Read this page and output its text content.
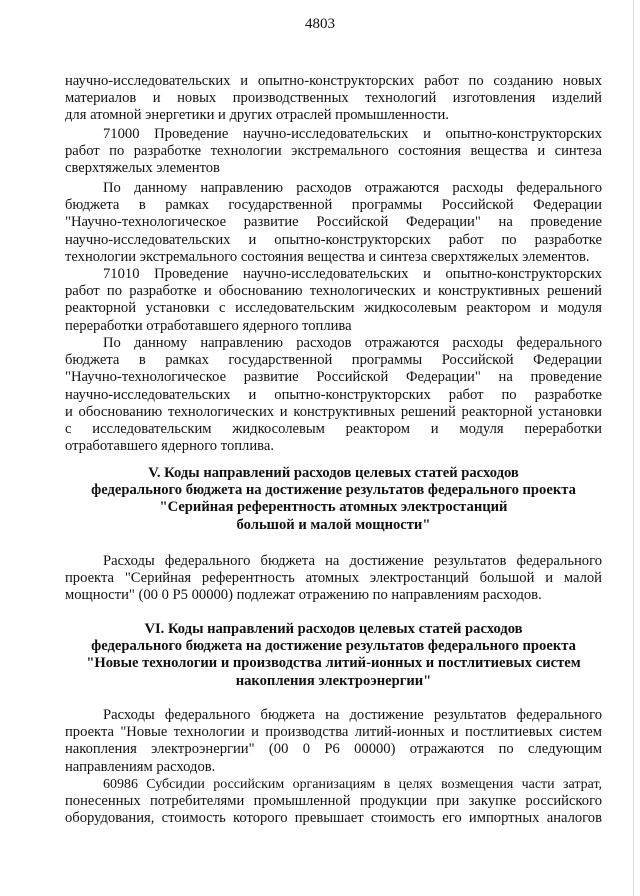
4803
научно-исследовательских и опытно-конструкторских работ по созданию новых
материалов и новых производственных технологий изготовления изделий
для атомной энергетики и других отраслей промышленности.
71000 Проведение научно-исследовательских и опытно-конструкторских
работ по разработке технологии экстремального состояния вещества и синтеза
сверхтяжелых элементов
По данному направлению расходов отражаются расходы федерального
бюджета в рамках государственной программы Российской Федерации
"Научно-технологическое развитие Российской Федерации" на проведение
научно-исследовательских и опытно-конструкторских работ по разработке
технологии экстремального состояния вещества и синтеза сверхтяжелых элементов.
71010 Проведение научно-исследовательских и опытно-конструкторских
работ по разработке и обоснованию технологических и конструктивных решений
реакторной установки с исследовательским жидкосолевым реактором и модуля
переработки отработавшего ядерного топлива
По данному направлению расходов отражаются расходы федерального
бюджета в рамках государственной программы Российской Федерации
"Научно-технологическое развитие Российской Федерации" на проведение
научно-исследовательских и опытно-конструкторских работ по разработке
и обоснованию технологических и конструктивных решений реакторной установки
с исследовательским жидкосолевым реактором и модуля переработки
отработавшего ядерного топлива.
V. Коды направлений расходов целевых статей расходов
федерального бюджета на достижение результатов федерального проекта
"Серийная референтность атомных электростанций
большой и малой мощности"
Расходы федерального бюджета на достижение результатов федерального
проекта "Серийная референтность атомных электростанций большой и малой
мощности" (00 0 Р5 00000) подлежат отражению по направлениям расходов.
VI. Коды направлений расходов целевых статей расходов
федерального бюджета на достижение результатов федерального проекта
"Новые технологии и производства литий-ионных и постлитиевых систем
накопления электроэнергии"
Расходы федерального бюджета на достижение результатов федерального
проекта "Новые технологии и производства литий-ионных и постлитиевых систем
накопления электроэнергии" (00 0 Р6 00000) отражаются по следующим
направлениям расходов.
60986 Субсидии российским организациям в целях возмещения части затрат,
понесенных потребителями промышленной продукции при закупке российского
оборудования, стоимость которого превышает стоимость его импортных аналогов
